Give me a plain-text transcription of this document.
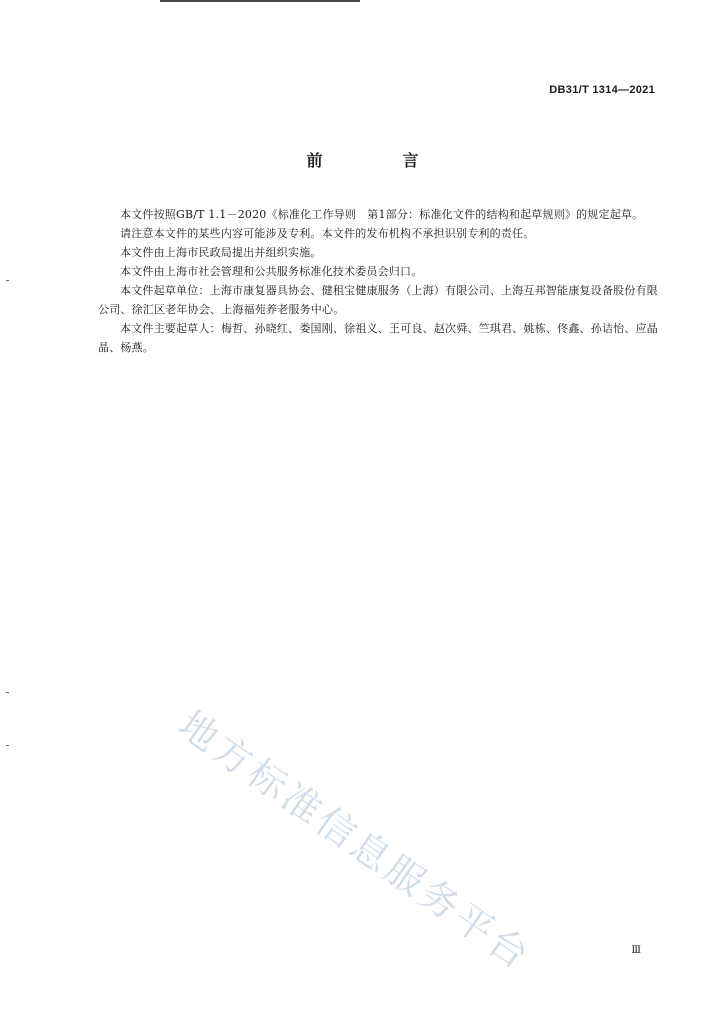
DB31/T 1314—2021
前　言

本文件按照GB/T 1.1－2020《标准化工作导则　第1部分：标准化文件的结构和起草规则》的规定起草。

请注意本文件的某些内容可能涉及专利。本文件的发布机构不承担识别专利的责任。

本文件由上海市民政局提出并组织实施。

本文件由上海市社会管理和公共服务标准化技术委员会归口。

本文件起草单位：上海市康复器具协会、健租宝健康服务（上海）有限公司、上海互邦智能康复设备股份有限公司、徐汇区老年协会、上海福苑养老服务中心。

本文件主要起草人：梅哲、孙晓红、娄国刚、徐祖义、王可良、赵次舜、竺琪君、姚栋、佟鑫、孙诘怡、应晶晶、杨燕。

地方标准信息服务平台	Ⅲ
